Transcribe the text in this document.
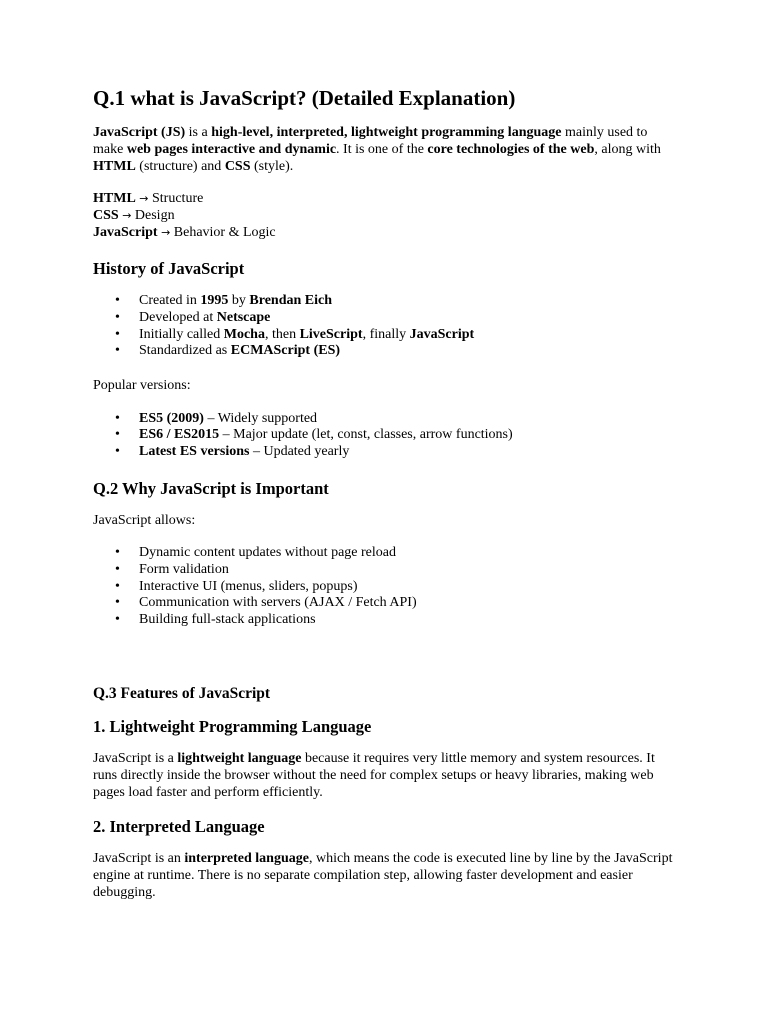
Q.1 what is JavaScript? (Detailed Explanation)

JavaScript (JS) is a high-level, interpreted, lightweight programming language mainly used to make web pages interactive and dynamic. It is one of the core technologies of the web, along with HTML (structure) and CSS (style).

HTML → Structure
CSS → Design
JavaScript → Behavior & Logic
History of JavaScript
• Created in 1995 by Brendan Eich
• Developed at Netscape
• Initially called Mocha, then LiveScript, finally JavaScript
• Standardized as ECMAScript (ES)

Popular versions:

• ES5 (2009) – Widely supported
• ES6 / ES2015 – Major update (let, const, classes, arrow functions)
• Latest ES versions – Updated yearly
Q.2 Why JavaScript is Important

JavaScript allows:

• Dynamic content updates without page reload
• Form validation
• Interactive UI (menus, sliders, popups)
• Communication with servers (AJAX / Fetch API)
• Building full-stack applications
Q.3 Features of JavaScript
1. Lightweight Programming Language

JavaScript is a lightweight language because it requires very little memory and system resources. It runs directly inside the browser without the need for complex setups or heavy libraries, making web pages load faster and perform efficiently.

2. Interpreted Language

JavaScript is an interpreted language, which means the code is executed line by line by the JavaScript engine at runtime. There is no separate compilation step, allowing faster development and easier debugging.
